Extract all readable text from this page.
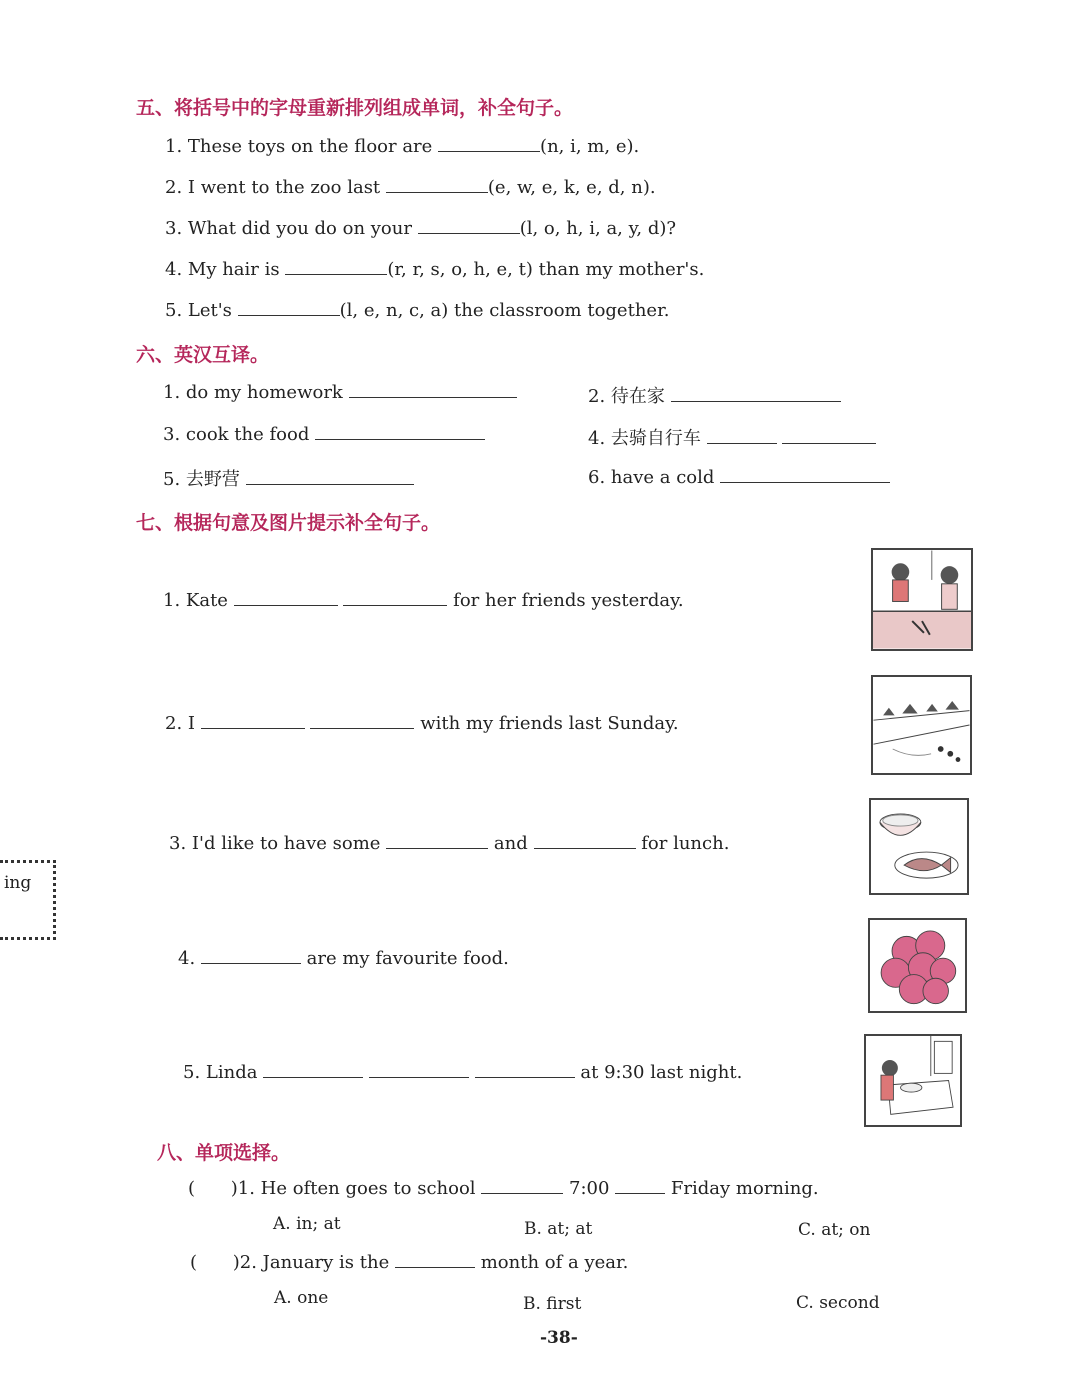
五、将括号中的字母重新排列组成单词，补全句子。
1. These toys on the floor are	(n, i, m, e).
2. I went to the zoo last	(e, w, e, k, e, d, n).
3. What did you do on your	(l, o, h, i, a, y, d)?
4. My hair is	(r, r, s, o, h, e, t) than my mother's.
5. Let's	(l, e, n, c, a) the classroom together.
六、英汉互译。
1. do my homework	2. 待在家
3. cook the food	4. 去骑自行车
5. 去野营	6. have a cold
七、根据句意及图片提示补全句子。
1. Kate	for her friends yesterday.
2. I	with my friends last Sunday.
3. I'd like to have some	and	for lunch.
4.	are my favourite food.
5. Linda	at 9:30 last night.
ing
八、单项选择。
( )1. He often goes to school	7:00	Friday morning.
A. in; at	B. at; at	C. at; on
( )2. January is the	month of a year.
A. one	B. first	C. second
-38-
